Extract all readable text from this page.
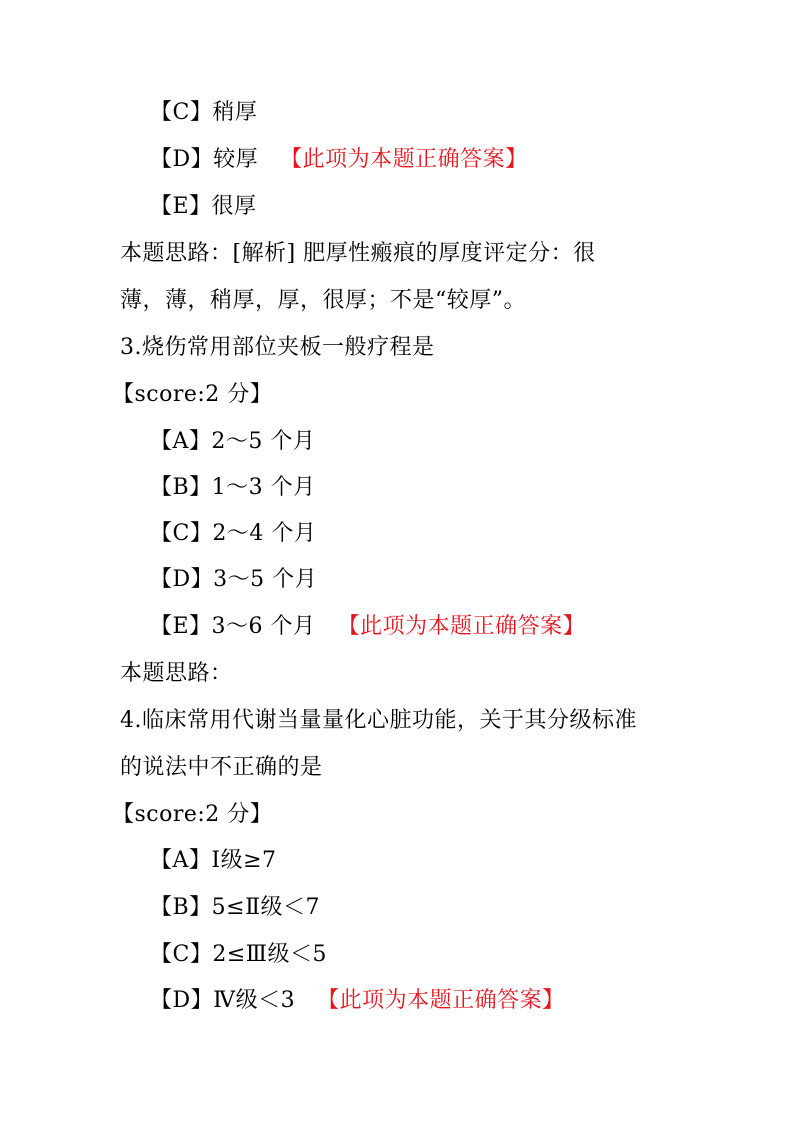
【C】稍厚
【D】较厚 【此项为本题正确答案】
【E】很厚
本题思路：[解析] 肥厚性瘢痕的厚度评定分：很
薄，薄，稍厚，厚，很厚；不是“较厚”。
3.烧伤常用部位夹板一般疗程是
【score:2 分】
【A】2～5 个月
【B】1～3 个月
【C】2～4 个月
【D】3～5 个月
【E】3～6 个月 【此项为本题正确答案】
本题思路：
4.临床常用代谢当量量化心脏功能，关于其分级标准
的说法中不正确的是
【score:2 分】
【A】Ⅰ级≥7
【B】5≤Ⅱ级＜7
【C】2≤Ⅲ级＜5
【D】Ⅳ级＜3 【此项为本题正确答案】
